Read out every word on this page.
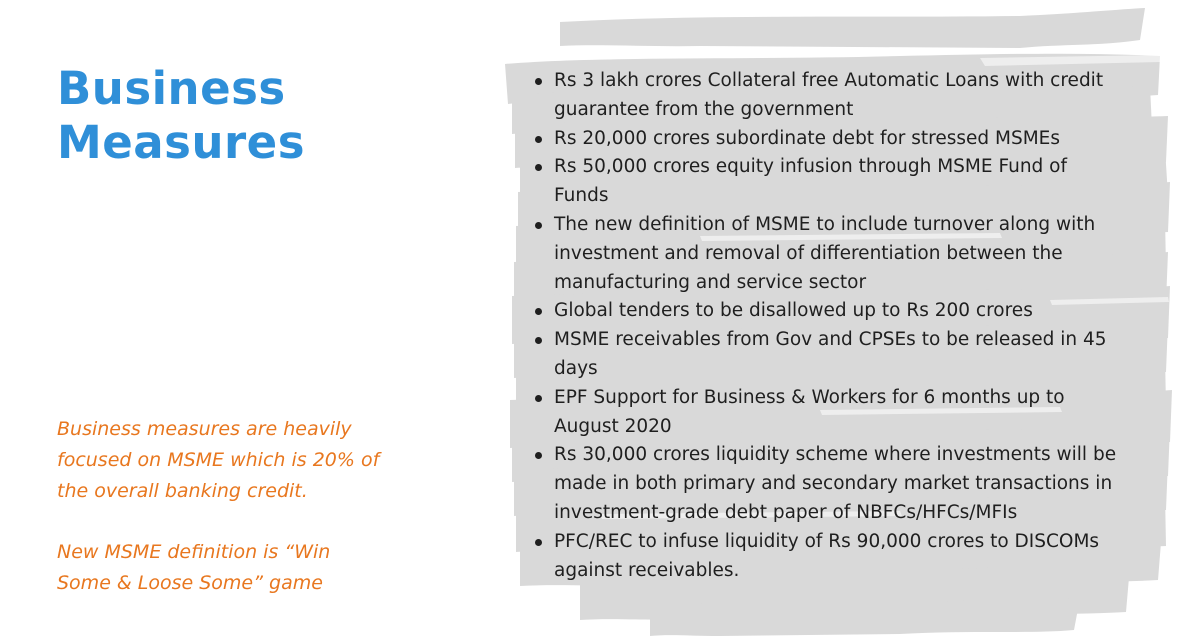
Business
Measures

Business measures are heavily focused on MSME which is 20% of the overall banking credit.

New MSME definition is “Win Some & Loose Some” game

Rs 3 lakh crores Collateral free Automatic Loans with credit guarantee from the government
Rs 20,000 crores subordinate debt for stressed MSMEs
Rs 50,000 crores equity infusion through MSME Fund of Funds
The new definition of MSME to include turnover along with investment and removal of differentiation between the manufacturing and service sector
Global tenders to be disallowed up to Rs 200 crores
MSME receivables from Gov and CPSEs to be released in 45 days
EPF Support for Business & Workers for 6 months up to August 2020
Rs 30,000 crores liquidity scheme where investments will be made in both primary and secondary market transactions in investment-grade debt paper of NBFCs/HFCs/MFIs
PFC/REC to infuse liquidity of Rs 90,000 crores to DISCOMs against receivables.
